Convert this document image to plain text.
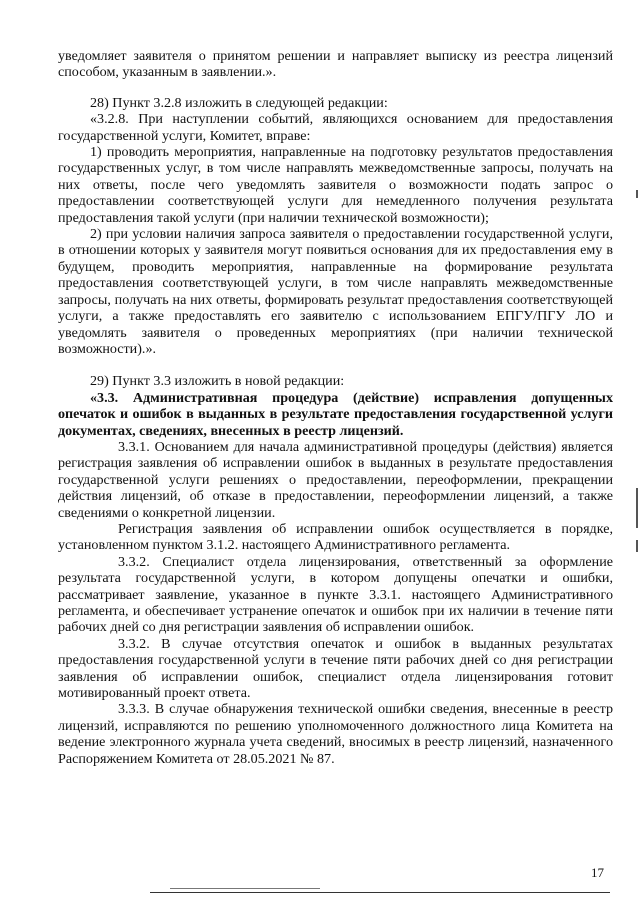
уведомляет заявителя о принятом решении и направляет выписку из реестра лицензий способом, указанным в заявлении.».

28) Пункт 3.2.8 изложить в следующей редакции:

«3.2.8. При наступлении событий, являющихся основанием для предоставления государственной услуги, Комитет, вправе:

1) проводить мероприятия, направленные на подготовку результатов предоставления государственных услуг, в том числе направлять межведомственные запросы, получать на них ответы, после чего уведомлять заявителя о возможности подать запрос о предоставлении соответствующей услуги для немедленного получения результата предоставления такой услуги (при наличии технической возможности);

2) при условии наличия запроса заявителя о предоставлении государственной услуги, в отношении которых у заявителя могут появиться основания для их предоставления ему в будущем, проводить мероприятия, направленные на формирование результата предоставления соответствующей услуги, в том числе направлять межведомственные запросы, получать на них ответы, формировать результат предоставления соответствующей услуги, а также предоставлять его заявителю с использованием ЕПГУ/ПГУ ЛО и уведомлять заявителя о проведенных мероприятиях (при наличии технической возможности).».

29) Пункт 3.3 изложить в новой редакции:

«3.3. Административная процедура (действие) исправления допущенных опечаток и ошибок в выданных в результате предоставления государственной услуги документах, сведениях, внесенных в реестр лицензий.

3.3.1. Основанием для начала административной процедуры (действия) является регистрация заявления об исправлении ошибок в выданных в результате предоставления государственной услуги решениях о предоставлении, переоформлении, прекращении действия лицензий, об отказе в предоставлении, переоформлении лицензий, а также сведениями о конкретной лицензии.

Регистрация заявления об исправлении ошибок осуществляется в порядке, установленном пунктом 3.1.2. настоящего Административного регламента.

3.3.2. Специалист отдела лицензирования, ответственный за оформление результата государственной услуги, в котором допущены опечатки и ошибки, рассматривает заявление, указанное в пункте 3.3.1. настоящего Административного регламента, и обеспечивает устранение опечаток и ошибок при их наличии в течение пяти рабочих дней со дня регистрации заявления об исправлении ошибок.

3.3.2. В случае отсутствия опечаток и ошибок в выданных результатах предоставления государственной услуги в течение пяти рабочих дней со дня регистрации заявления об исправлении ошибок, специалист отдела лицензирования готовит мотивированный проект ответа.

3.3.3. В случае обнаружения технической ошибки сведения, внесенные в реестр лицензий, исправляются по решению уполномоченного должностного лица Комитета на ведение электронного журнала учета сведений, вносимых в реестр лицензий, назначенного Распоряжением Комитета от 28.05.2021 № 87.

17
